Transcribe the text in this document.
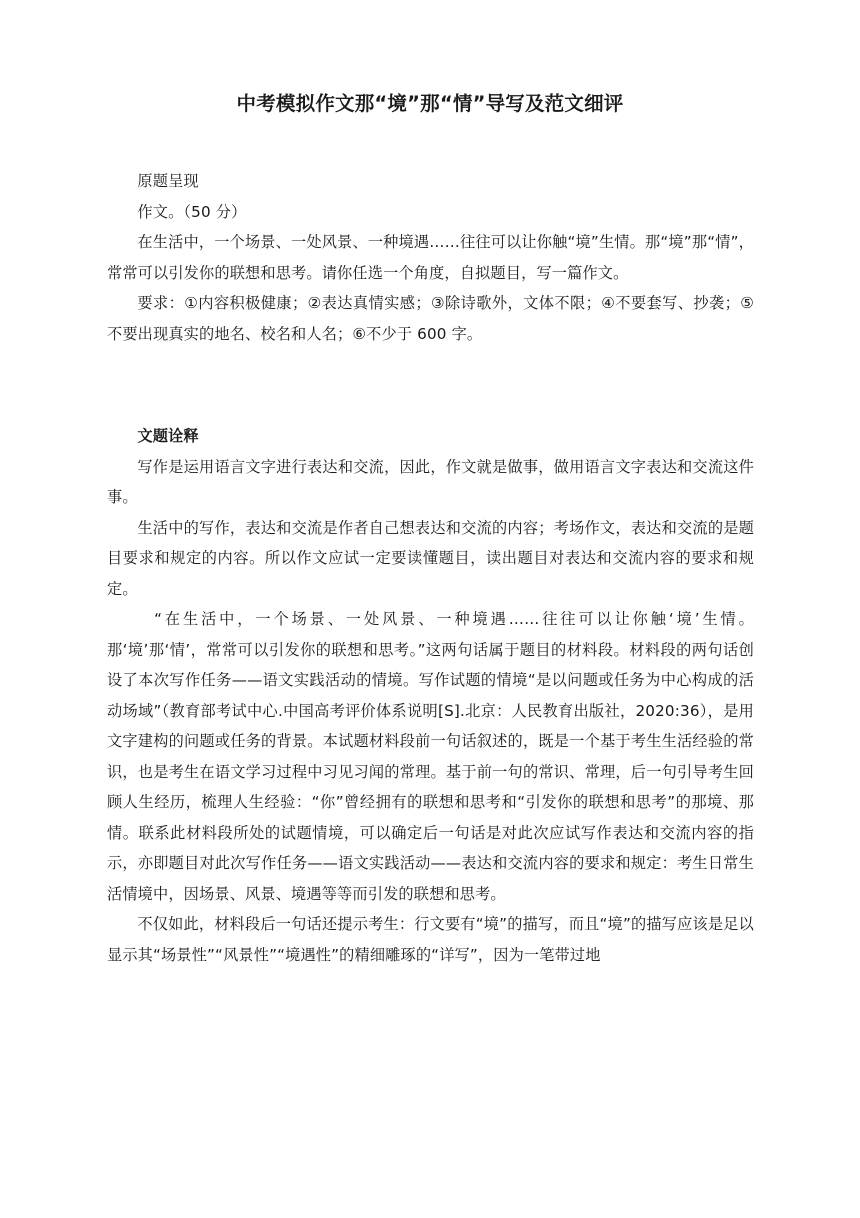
中考模拟作文那“境”那“情”导写及范文细评

原题呈现

作文。（50 分）

在生活中，一个场景、一处风景、一种境遇……往往可以让你触“境”生情。那“境”那“情”，常常可以引发你的联想和思考。请你任选一个角度，自拟题目，写一篇作文。

要求：①内容积极健康；②表达真情实感；③除诗歌外，文体不限；④不要套写、抄袭；⑤不要出现真实的地名、校名和人名；⑥不少于 600 字。

文题诠释

写作是运用语言文字进行表达和交流，因此，作文就是做事，做用语言文字表达和交流这件事。

生活中的写作，表达和交流是作者自己想表达和交流的内容；考场作文，表达和交流的是题目要求和规定的内容。所以作文应试一定要读懂题目，读出题目对表达和交流内容的要求和规定。

“在生活中，一个场景、一处风景、一种境遇……往往可以让你触‘境’生情。那‘境’那‘情’，常常可以引发你的联想和思考。”这两句话属于题目的材料段。材料段的两句话创设了本次写作任务——语文实践活动的情境。写作试题的情境“是以问题或任务为中心构成的活动场域”（教育部考试中心.中国高考评价体系说明[S].北京：人民教育出版社，2020:36），是用文字建构的问题或任务的背景。本试题材料段前一句话叙述的，既是一个基于考生生活经验的常识，也是考生在语文学习过程中习见习闻的常理。基于前一句的常识、常理，后一句引导考生回顾人生经历，梳理人生经验：“你”曾经拥有的联想和思考和“引发你的联想和思考”的那境、那情。联系此材料段所处的试题情境，可以确定后一句话是对此次应试写作表达和交流内容的指示，亦即题目对此次写作任务——语文实践活动——表达和交流内容的要求和规定：考生日常生活情境中，因场景、风景、境遇等等而引发的联想和思考。

不仅如此，材料段后一句话还提示考生：行文要有“境”的描写，而且“境”的描写应该是足以显示其“场景性”“风景性”“境遇性”的精细雕琢的“详写”，因为一笔带过地
